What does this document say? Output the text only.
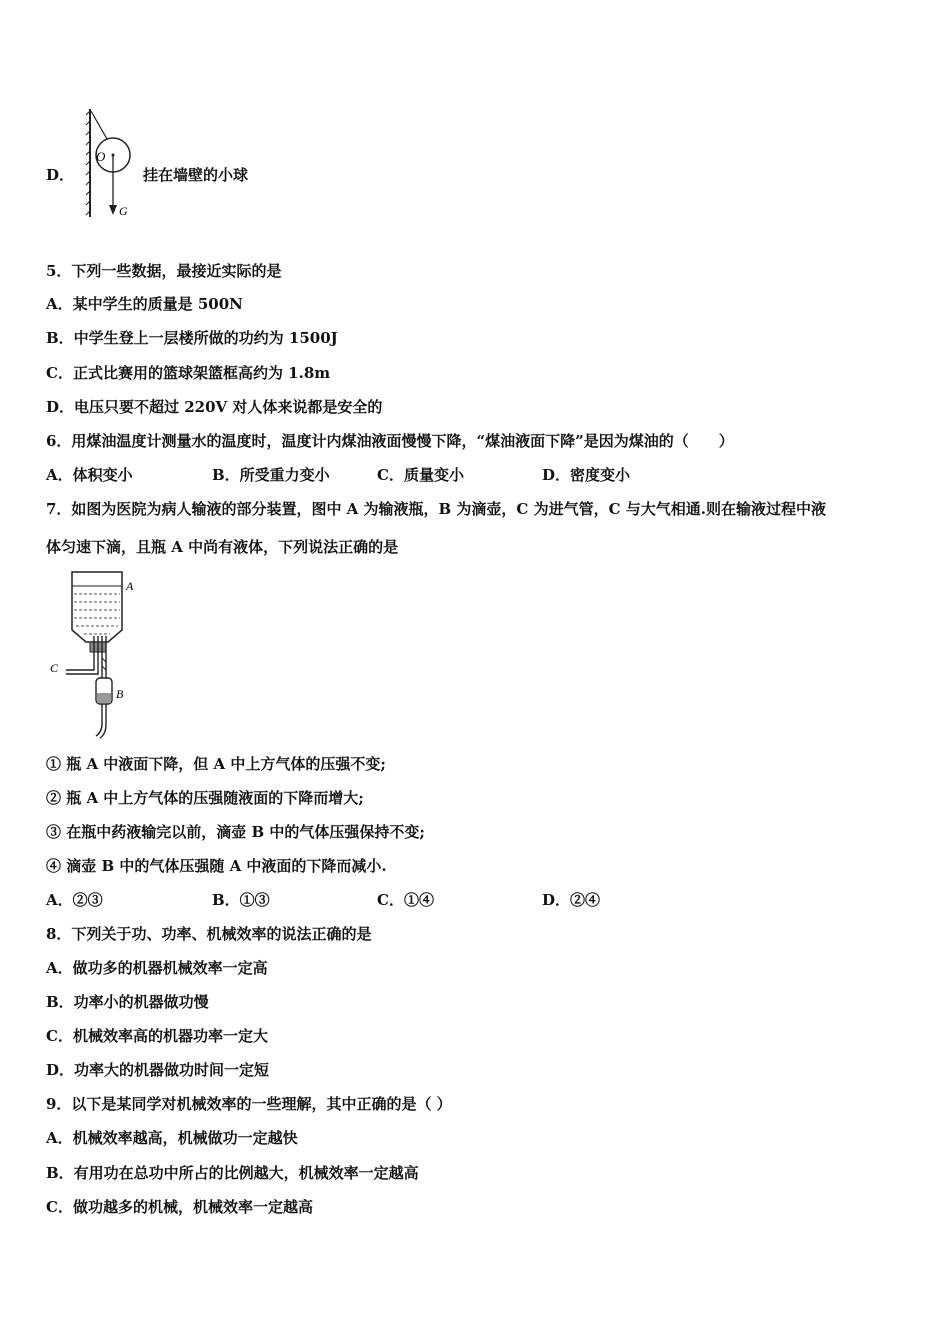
D．
O
G
挂在墙壁的小球
5．下列一些数据，最接近实际的是
A．某中学生的质量是 500N
B．中学生登上一层楼所做的功约为 1500J
C．正式比赛用的篮球架篮框高约为 1.8m
D．电压只要不超过 220V 对人体来说都是安全的
6．用煤油温度计测量水的温度时，温度计内煤油液面慢慢下降，“煤油液面下降”是因为煤油的（　　）
A．体积变小	B．所受重力变小	C．质量变小	D．密度变小
7．如图为医院为病人输液的部分装置，图中 A 为输液瓶，B 为滴壶，C 为进气管，C 与大气相通.则在输液过程中液
体匀速下滴，且瓶 A 中尚有液体，下列说法正确的是
A
B
C
① 瓶 A 中液面下降，但 A 中上方气体的压强不变;
② 瓶 A 中上方气体的压强随液面的下降而增大;
③ 在瓶中药液输完以前，滴壶 B 中的气体压强保持不变;
④ 滴壶 B 中的气体压强随 A 中液面的下降而减小.
A．②③	B．①③	C．①④	D．②④
8．下列关于功、功率、机械效率的说法正确的是
A．做功多的机器机械效率一定高
B．功率小的机器做功慢
C．机械效率高的机器功率一定大
D．功率大的机器做功时间一定短
9．以下是某同学对机械效率的一些理解，其中正确的是（ ）
A．机械效率越高，机械做功一定越快
B．有用功在总功中所占的比例越大，机械效率一定越高
C．做功越多的机械，机械效率一定越高
